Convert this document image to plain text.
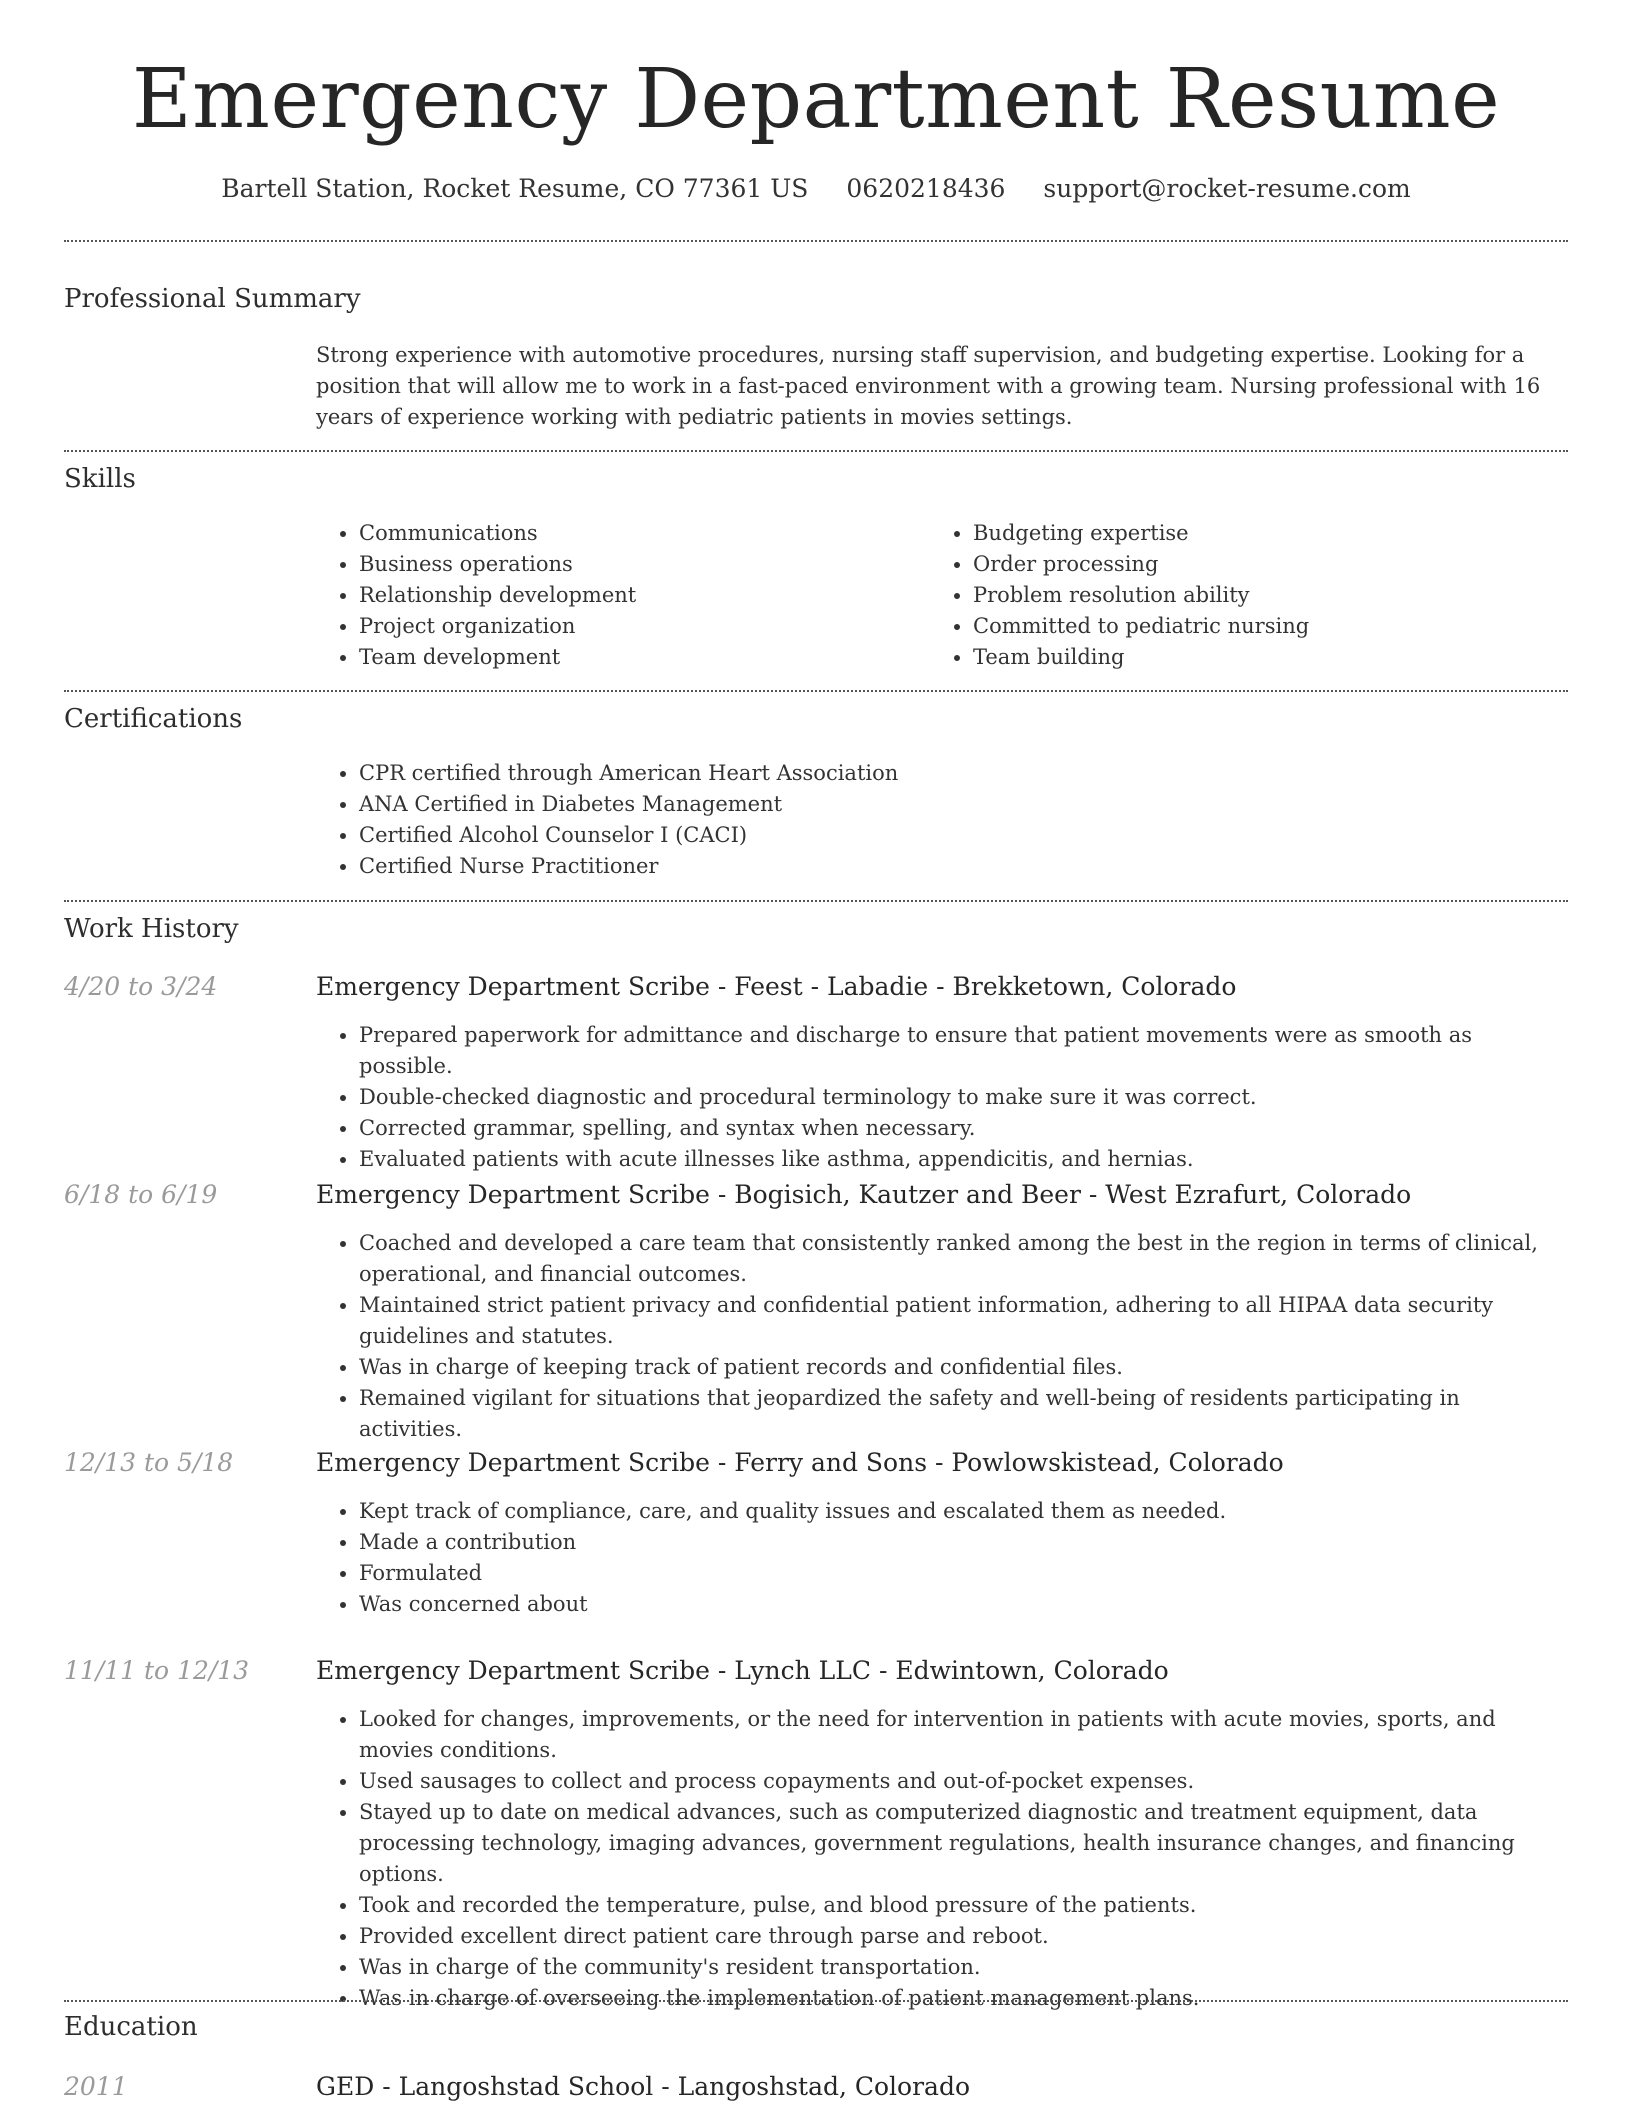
Emergency Department Resume
Bartell Station, Rocket Resume, CO 77361 US 0620218436 support@rocket-resume.com
Professional Summary

Strong experience with automotive procedures, nursing staff supervision, and budgeting expertise. Looking for a position that will allow me to work in a fast-paced environment with a growing team. Nursing professional with 16 years of experience working with pediatric patients in movies settings.

Skills
• Communications
• Business operations
• Relationship development
• Project organization
• Team development
• Budgeting expertise
• Order processing
• Problem resolution ability
• Committed to pediatric nursing
• Team building
Certifications
• CPR certified through American Heart Association
• ANA Certified in Diabetes Management
• Certified Alcohol Counselor I (CACI)
• Certified Nurse Practitioner
Work History
4/20 to 3/24	Emergency Department Scribe - Feest - Labadie - Brekketown, Colorado
• Prepared paperwork for admittance and discharge to ensure that patient movements were as smooth as possible.
• Double-checked diagnostic and procedural terminology to make sure it was correct.
• Corrected grammar, spelling, and syntax when necessary.
• Evaluated patients with acute illnesses like asthma, appendicitis, and hernias.
6/18 to 6/19	Emergency Department Scribe - Bogisich, Kautzer and Beer - West Ezrafurt, Colorado
• Coached and developed a care team that consistently ranked among the best in the region in terms of clinical, operational, and financial outcomes.
• Maintained strict patient privacy and confidential patient information, adhering to all HIPAA data security guidelines and statutes.
• Was in charge of keeping track of patient records and confidential files.
• Remained vigilant for situations that jeopardized the safety and well-being of residents participating in activities.
12/13 to 5/18	Emergency Department Scribe - Ferry and Sons - Powlowskistead, Colorado
• Kept track of compliance, care, and quality issues and escalated them as needed.
• Made a contribution
• Formulated
• Was concerned about
11/11 to 12/13	Emergency Department Scribe - Lynch LLC - Edwintown, Colorado
• Looked for changes, improvements, or the need for intervention in patients with acute movies, sports, and movies conditions.
• Used sausages to collect and process copayments and out-of-pocket expenses.
• Stayed up to date on medical advances, such as computerized diagnostic and treatment equipment, data processing technology, imaging advances, government regulations, health insurance changes, and financing options.
• Took and recorded the temperature, pulse, and blood pressure of the patients.
• Provided excellent direct patient care through parse and reboot.
• Was in charge of the community's resident transportation.
• Was in charge of overseeing the implementation of patient management plans.
Education
2011	GED - Langoshstad School - Langoshstad, Colorado
